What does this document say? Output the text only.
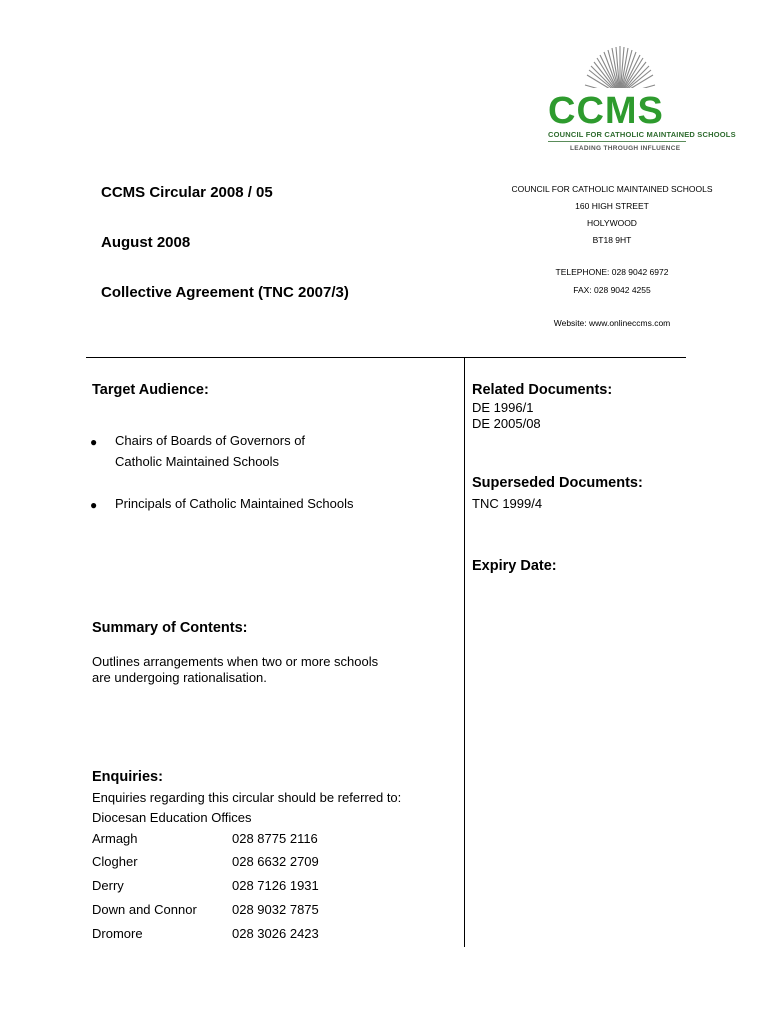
CCMS
COUNCIL FOR CATHOLIC MAINTAINED SCHOOLS
LEADING THROUGH INFLUENCE
CCMS Circular 2008 / 05
August 2008
Collective Agreement (TNC 2007/3)
COUNCIL FOR CATHOLIC MAINTAINED SCHOOLS
160 HIGH STREET
HOLYWOOD
BT18 9HT
TELEPHONE: 028 9042 6972
FAX: 028 9042 4255
Website: www.onlineccms.com
Target Audience:
● Chairs of Boards of Governors of
Catholic Maintained Schools
● Principals of Catholic Maintained Schools
Summary of Contents:
Outlines arrangements when two or more schools
are undergoing rationalisation.
Enquiries:
Enquiries regarding this circular should be referred to:
Diocesan Education Offices
Armagh	028 8775 2116
Clogher	028 6632 2709
Derry	028 7126 1931
Down and Connor	028 9032 7875
Dromore	028 3026 2423
Related Documents:
DE 1996/1
DE 2005/08
Superseded Documents:
TNC 1999/4
Expiry Date:
